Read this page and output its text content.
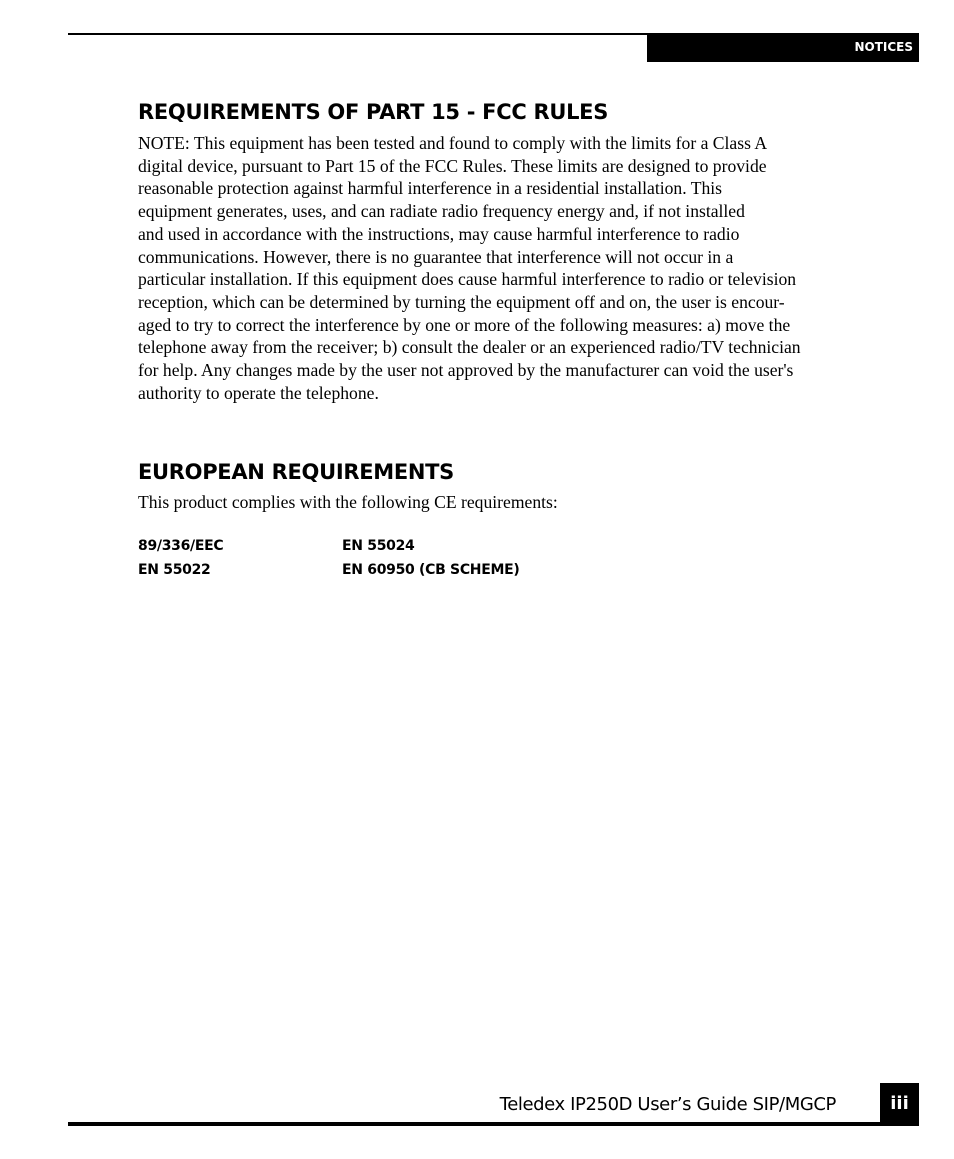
NOTICES
REQUIREMENTS OF PART 15 - FCC RULES
NOTE: This equipment has been tested and found to comply with the limits for a Class A
digital device, pursuant to Part 15 of the FCC Rules. These limits are designed to provide
reasonable protection against harmful interference in a residential installation. This
equipment generates, uses, and can radiate radio frequency energy and, if not installed
and used in accordance with the instructions, may cause harmful interference to radio
communications. However, there is no guarantee that interference will not occur in a
particular installation. If this equipment does cause harmful interference to radio or television
reception, which can be determined by turning the equipment off and on, the user is encour-
aged to try to correct the interference by one or more of the following measures: a) move the
telephone away from the receiver; b) consult the dealer or an experienced radio/TV technician
for help. Any changes made by the user not approved by the manufacturer can void the user's
authority to operate the telephone.
EUROPEAN REQUIREMENTS
This product complies with the following CE requirements:
89/336/EEC	EN 55024
EN 55022	EN 60950 (CB SCHEME)
Teledex IP250D User’s Guide SIP/MGCP	iii
